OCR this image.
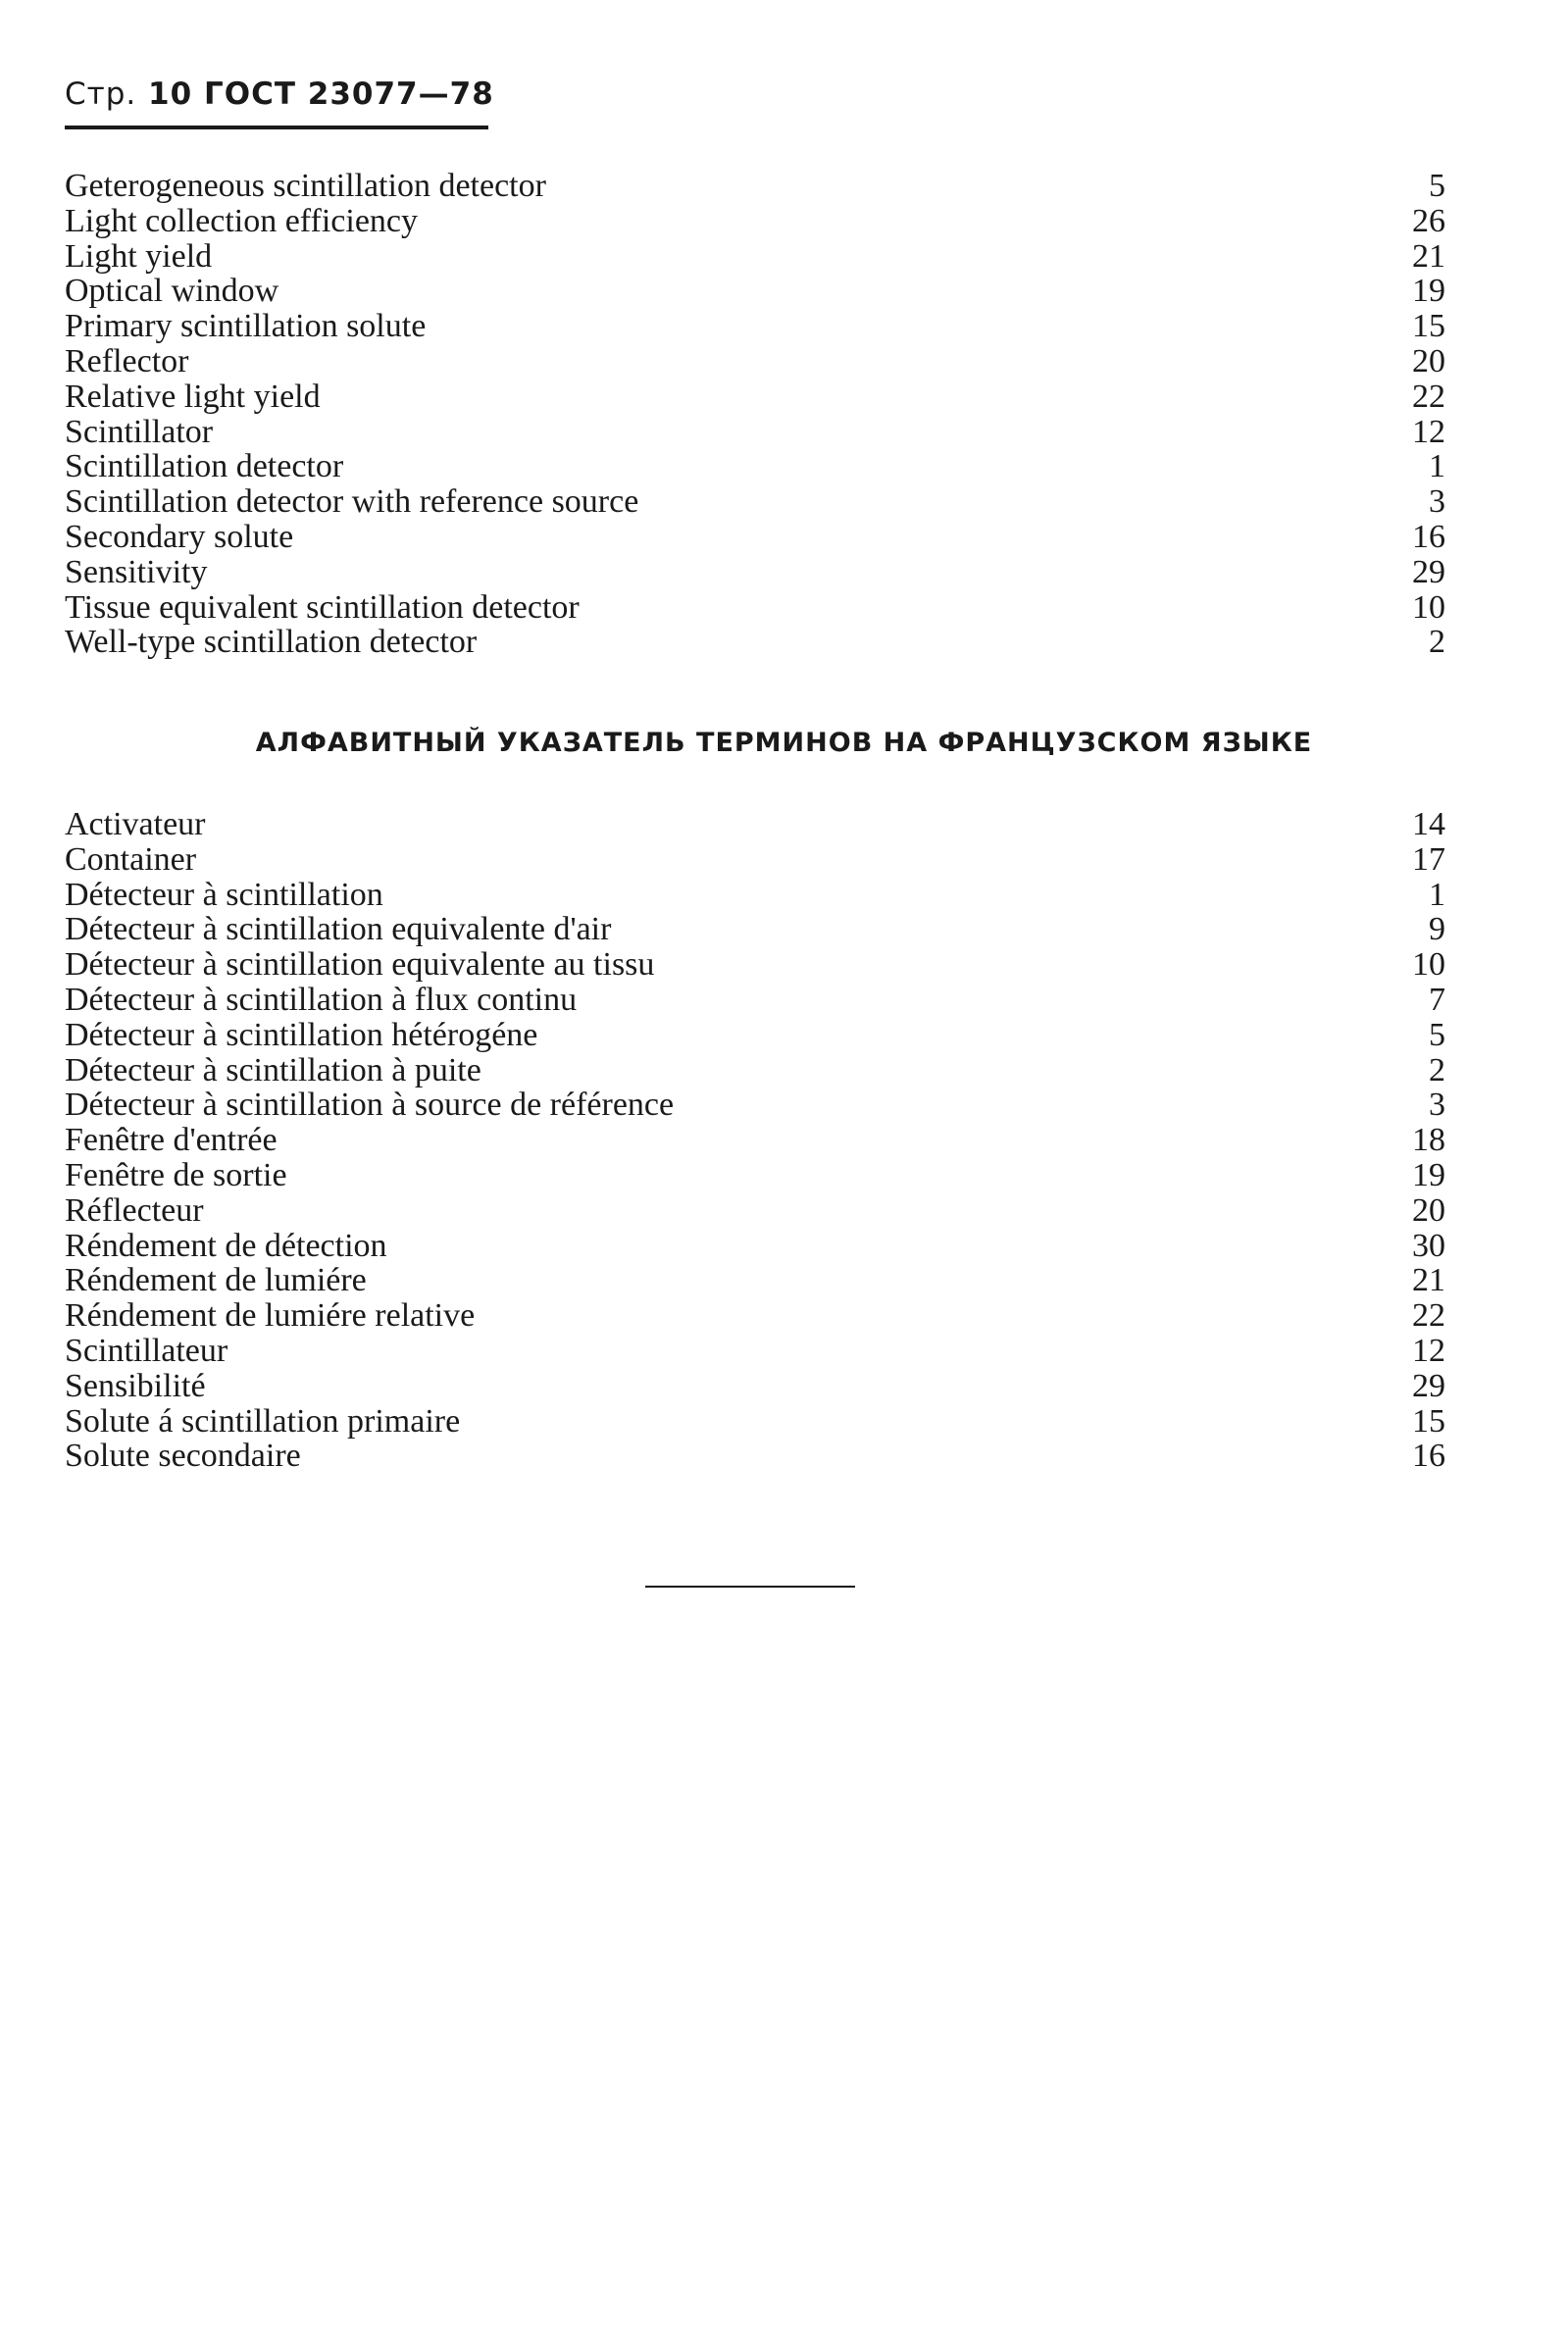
Стр. 10 ГОСТ 23077—78
Geterogeneous scintillation detector	5
Light collection efficiency	26
Light yield	21
Optical window	19
Primary scintillation solute	15
Reflector	20
Relative light yield	22
Scintillator	12
Scintillation detector	1
Scintillation detector with reference source	3
Secondary solute	16
Sensitivity	29
Tissue equivalent scintillation detector	10
Well-type scintillation detector	2
АЛФАВИТНЫЙ УКАЗАТЕЛЬ ТЕРМИНОВ НА ФРАНЦУЗСКОМ ЯЗЫКЕ
Activateur	14
Container	17
Détecteur à scintillation	1
Détecteur à scintillation equivalente d'air	9
Détecteur à scintillation equivalente au tissu	10
Détecteur à scintillation à flux continu	7
Détecteur à scintillation hétérogéne	5
Détecteur à scintillation à puite	2
Détecteur à scintillation à source de référence	3
Fenêtre d'entrée	18
Fenêtre de sortie	19
Réflecteur	20
Réndement de détection	30
Réndement de lumiére	21
Réndement de lumiére relative	22
Scintillateur	12
Sensibilité	29
Solute á scintillation primaire	15
Solute secondaire	16
